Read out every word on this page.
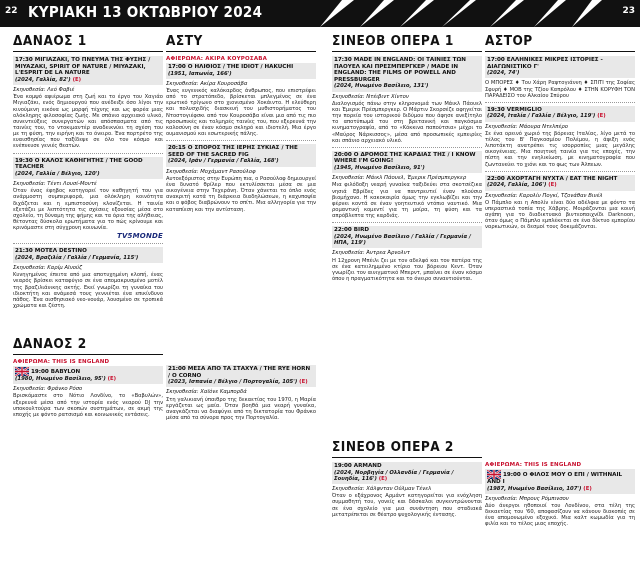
22 ΚΥΡΙΑΚΗ 13 ΟΚΤΩΒΡΙΟΥ 2024	23
ΔΑΝΑΟΣ 1
17:30 ΜΙΓΙΑΖΑΚΙ, ΤΟ ΠΝΕΥΜΑ ΤΗΣ ΦΥΣΗΣ / MIYAZAKI, SPIRIT OF NATURE / MIYAZAKI, L'ESPRIT DE LA NATURE
(2024, Γαλλία, 82') (Ε)
Σκηνοθεσία: Λεό Φαβιέ
Ένα κομψό αφιέρωμα στη ζωή και το έργο του Χαγιάο Μιγιαζάκι, ενός δημιουργού που ανέδειξε όσο λίγοι την κινούμενη εικόνα ως μορφή τέχνης και ως φορέα μιας ολόκληρης φιλοσοφίας ζωής. Με σπάνιο αρχειακό υλικό, συνεντεύξεις συνεργατών και απόσπασματα από τις ταινίες του, το ντοκιμαντέρ αναδεικνύει τη σχέση του με τη φύση, την ειρήνη και το όνειρο. Ένα πορτρέτο της ευαισθησίας που ταξίδεψε σε όλο τον κόσμο και ενέπνευσε γενιές θεατών.
19:30 Ο ΚΑΛΟΣ ΚΑΘΗΓΗΤΗΣ / THE GOOD TEACHER
(2024, Γαλλία / Βέλγιο, 120')
Σκηνοθεσία: Τέντι Λουσί-Μοντέ
Όταν ένας έφηβος κατηγορεί τον καθηγητή του για ανάρμοστη συμπεριφορά, μια ολόκληρη κοινότητα διχάζεται και η εμπιστοσύνη κλονίζεται. Η ταινία εξετάζει με λεπτότητα τις σχέσεις εξουσίας μέσα στο σχολείο, τη δύναμη της φήμης και τα όρια της αλήθειας, θέτοντας δύσκολα ερωτήματα για το πώς κρίνουμε και κρινόμαστε στη σύγχρονη κοινωνία.
TV5MONDE
21:30 ΜΟΤΕΛ DESTINO
(2024, Βραζιλία / Γαλλία / Γερμανία, 115')
Σκηνοθεσία: Καρίμ Αϊνούζ
Κυνηγημένος έπειτα από μια αποτυχημένη κλοπή, ένας νεαρός βρίσκει καταφύγιο σε ένα απομακρυσμένο μοτέλ της βραζιλιάνικης ακτής. Εκεί γνωρίζει τη γυναίκα του ιδιοκτήτη και ανάμεσά τους γεννιέται ένα επικίνδυνο πάθος. Ένα αισθησιακό νεο-νουάρ, λουσμένο σε τροπικά χρώματα και ζέστη.
ΔΑΝΑΟΣ 2
ΑΦΙΕΡΩΜΑ: THIS IS ENGLAND
19:00 BABYLON
(1980, Ηνωμένο Βασίλειο, 95') (Ε)
Σκηνοθεσία: Φράνκο Ρόσο
Βρισκόμαστε στο Νότιο Λονδίνο, το «Βαβυλών», εξερευνά μέσα από την ιστορία ενός νεαρού DJ την υποκουλτούρα των σκοπών συστημάτων, σε ακμή της εποχής με φόντο ρατσισμό και κοινωνικές εντάσεις.
ΑΣΤΥ
ΑΦΙΕΡΩΜΑ: ΑΚΙΡΑ ΚΟΥΡΟΣΑΒΑ
17:00 Ο ΗΛΙΘΙΟΣ / THE IDIOT / HAKUCHI
(1951, Ιαπωνία, 166')
Σκηνοθεσία: Ακίρα Κουροσάβα
Ένας ευγενικός καλόκαρδος άνθρωπος, που επιστρέφει από το στρατόπεδο, βρίσκεται μπλεγμένος σε ένα ερωτικό τρίγωνο στο χιονισμένο Χοκάιντο. Η ελεύθερη και πολυσχιδής διασκευή του μυθιστορήματος του Ντοστογιέφσκι από τον Κουροσάβα είναι μια από τις πιο προσωπικές και τολμηρές ταινίες του, που εξερευνά την καλοσύνη σε έναν κόσμο σκληρό και ιδιοτελή. Μια έργο ουμανισμού και εσωτερικής πάλης.
20:15 Ο ΣΠΟΡΟΣ ΤΗΣ ΙΕΡΗΣ ΣΥΚΙΑΣ / THE SEED OF THE SACRED FIG
(2024, Ιράν / Γερμανία / Γαλλία, 168')
Σκηνοθεσία: Μοχάμαντ Ρασούλοφ
Αυτοεξόριστος στην Ευρώπη πια, ο Ρασούλοφ δημιουργεί ένα δυνατό θρίλερ που εκτυλίσσεται μέσα σε μια οικογένεια στην Τεχεράνη. Όταν χάνεται το όπλο ενός ανακριτή κατά τη διάρκεια διαδηλώσεων, η καχυποψία και ο φόβος διαβρώνουν το σπίτι. Μια αλληγορία για την καταπίεση και την αντίσταση.
21:00 ΜΕΣΑ ΑΠΟ ΤΑ ΣΤΑΧΥΑ / THE RYE HORN / O CORNO
(2023, Ισπανία / Βέλγιο / Πορτογαλία, 105') (Ε)
Σκηνοθεσία: Χαϊόνε Καμπορδά
Στη γαλικιανή ύπαιθρο της δεκαετίας του 1970, η Μαρία εργάζεται ως μαία. Όταν βοηθά μια νεαρή γυναίκα, αναγκάζεται να διαφύγει από τη δικτατορία του Φράνκο μέσα από τα σύνορα προς την Πορτογαλία.
ΣΙΝΕΟΒ ΟΠΕΡΑ 1
17:30 MADE IN ENGLAND: ΟΙ ΤΑΙΝΙΕΣ ΤΩΝ ΠΑΟΥΕΛ ΚΑΙ ΠΡΕΣΜΠΕΡΓΚΕΡ / MADE IN ENGLAND: THE FILMS OF POWELL AND PRESSBURGER
(2024, Ηνωμένο Βασίλειο, 131')
Σκηνοθεσία: Ντέιβιντ Χίντον
Διαλογισμός πάνω στην κληρονομιά των Μάικλ Πάουελ και Έμερικ Πρέσμπεργκερ. Ο Μάρτιν Σκορσέζε αφηγείται την πορεία του ιστορικού διδύμου που άφησε ανεξίτηλο το αποτύπωμά του στη βρετανική και παγκόσμια κινηματογραφία, από το «Κόκκινα παπούτσια» μέχρι το «Μαύρος Νάρκισσος», μέσα από προσωπικές εμπειρίες και σπάνιο αρχειακό υλικό.
20:00 Ο ΔΡΟΜΟΣ ΤΗΣ ΚΑΡΔΙΑΣ ΤΗΣ / I KNOW WHERE I'M GOING!
(1945, Ηνωμένο Βασίλειο, 91')
Σκηνοθεσία: Μάικλ Πάουελ, Έμερικ Πρέσμπεργκερ
Μια φιλόδοξη νεαρή γυναίκα ταξιδεύει στα σκοτσέζικα νησιά Εβρίδες για να παντρευτεί έναν πλούσιο βιομήχανο. Η κακοκαιρία όμως την εγκλωβίζει και την φέρνει κοντά σε έναν γοητευτικό ντόπιο ναυτικό. Μια ρομαντική κομεντί για τη μοίρα, τη φύση και τα απρόβλεπτα της καρδιάς.
22:00 BIRD
(2024, Ηνωμένο Βασίλειο / Γαλλία / Γερμανία / ΗΠΑ, 119')
Σκηνοθεσία: Άντρεα Άρνολντ
Η 12χρονη Μπέιλι ζει με τον αδελφό και τον πατέρα της σε ένα κατειλημμένο κτίριο του βόρειου Κεντ. Όταν γνωρίζει τον αινιγματικό Μπερντ, μπαίνει σε έναν κόσμο όπου η πραγματικότητα και το όνειρο συναντιούνται.
ΣΙΝΕΟΒ ΟΠΕΡΑ 2
19:00 ARMAND
(2024, Νορβηγία / Ολλανδία / Γερμανία / Σουηδία, 116') (Ε)
Σκηνοθεσία: Χάλφνταν Ούλμαν Τένελ
Όταν ο εξάχρονος Αρμάντ κατηγορείται για ενόχληση συμμαθητή του, γονείς και δάσκαλοι συγκεντρώνονται σε ένα σχολείο για μια συνάντηση που σταδιακά μετατρέπεται σε θέατρο ψυχολογικής έντασης.
ΑΣΤΟΡ
17:00 ΕΛΛΗΝΙΚΕΣ ΜΙΚΡΕΣ ΙΣΤΟΡΙΕΣ - ΔΙΑΓΩΝΙΣΤΙΚΟ Γ'
(2024, 74')
Ο ΜΠΟΡΕΣ ♦ Του Χάρη Ραφτογιάννη ♦ ΣΠΙΤΙ της Σοφίας Σφυρή ♦ MOB της Τζίου Καπρόλου ♦ ΣΤΗΝ ΚΟΡΥΦΗ ΤΟΝ ΠΑΡΑΔΕΙΣΟ του Αλκαίου Σπύρου
19:30 VERMIGLIO
(2024, Ιταλία / Γαλλία / Βέλγιο, 119') (Ε)
Σκηνοθεσία: Μάουρα Ντελπέρο
Σε ένα ορεινό χωριό της βόρειας Ιταλίας, λίγο μετά το τέλος του Β' Παγκοσμίου Πολέμου, η άφιξη ενός λιποτάκτη ανατρέπει τις ισορροπίες μιας μεγάλης οικογένειας. Μια ποιητική ταινία για τις εποχές, την πίστη και την ενηλικίωση, με κινηματογραφία που ζωντανεύει το χιόνι και το φως των Άλπεων.
22:00 ΑΧΟΡΤΑΓΗ ΝΥΧΤΑ / EAT THE NIGHT
(2024, Γαλλία, 106') (Ε)
Σκηνοθεσία: Καρολίν Πογκί, Τζονάθαν Βινέλ
Ο Πάμπλο και η Απολίν είναι δύο αδέλφια με φόντο τα υπεραστικά τοπία της Χάβρης. Μοιράζονται μια κοινή αγάπη για το διαδικτυακό βιντεοπαιχνίδι Darknoon, όταν όμως ο Πάμπλο εμπλέκεται σε ένα δίκτυο εμπορίου ναρκωτικών, οι δεσμοί τους δοκιμάζονται.
ΑΦΙΕΡΩΜΑ: THIS IS ENGLAND
19:00 Ο ΦΙΛΟΣ ΜΟΥ Ο ΕΠΙ / WITHNAIL AND I
(1987, Ηνωμένο Βασίλειο, 107') (Ε)
Σκηνοθεσία: Μπρους Ρόμπινσον
Δύο άνεργοι ηθοποιοί του Λονδίνου, στα τέλη της δεκαετίας του '60, αποφασίζουν να κάνουν διακοπές σε ένα απομονωμένο εξοχικό. Μια καλτ κωμωδία για τη φιλία και το τέλος μιας εποχής.
